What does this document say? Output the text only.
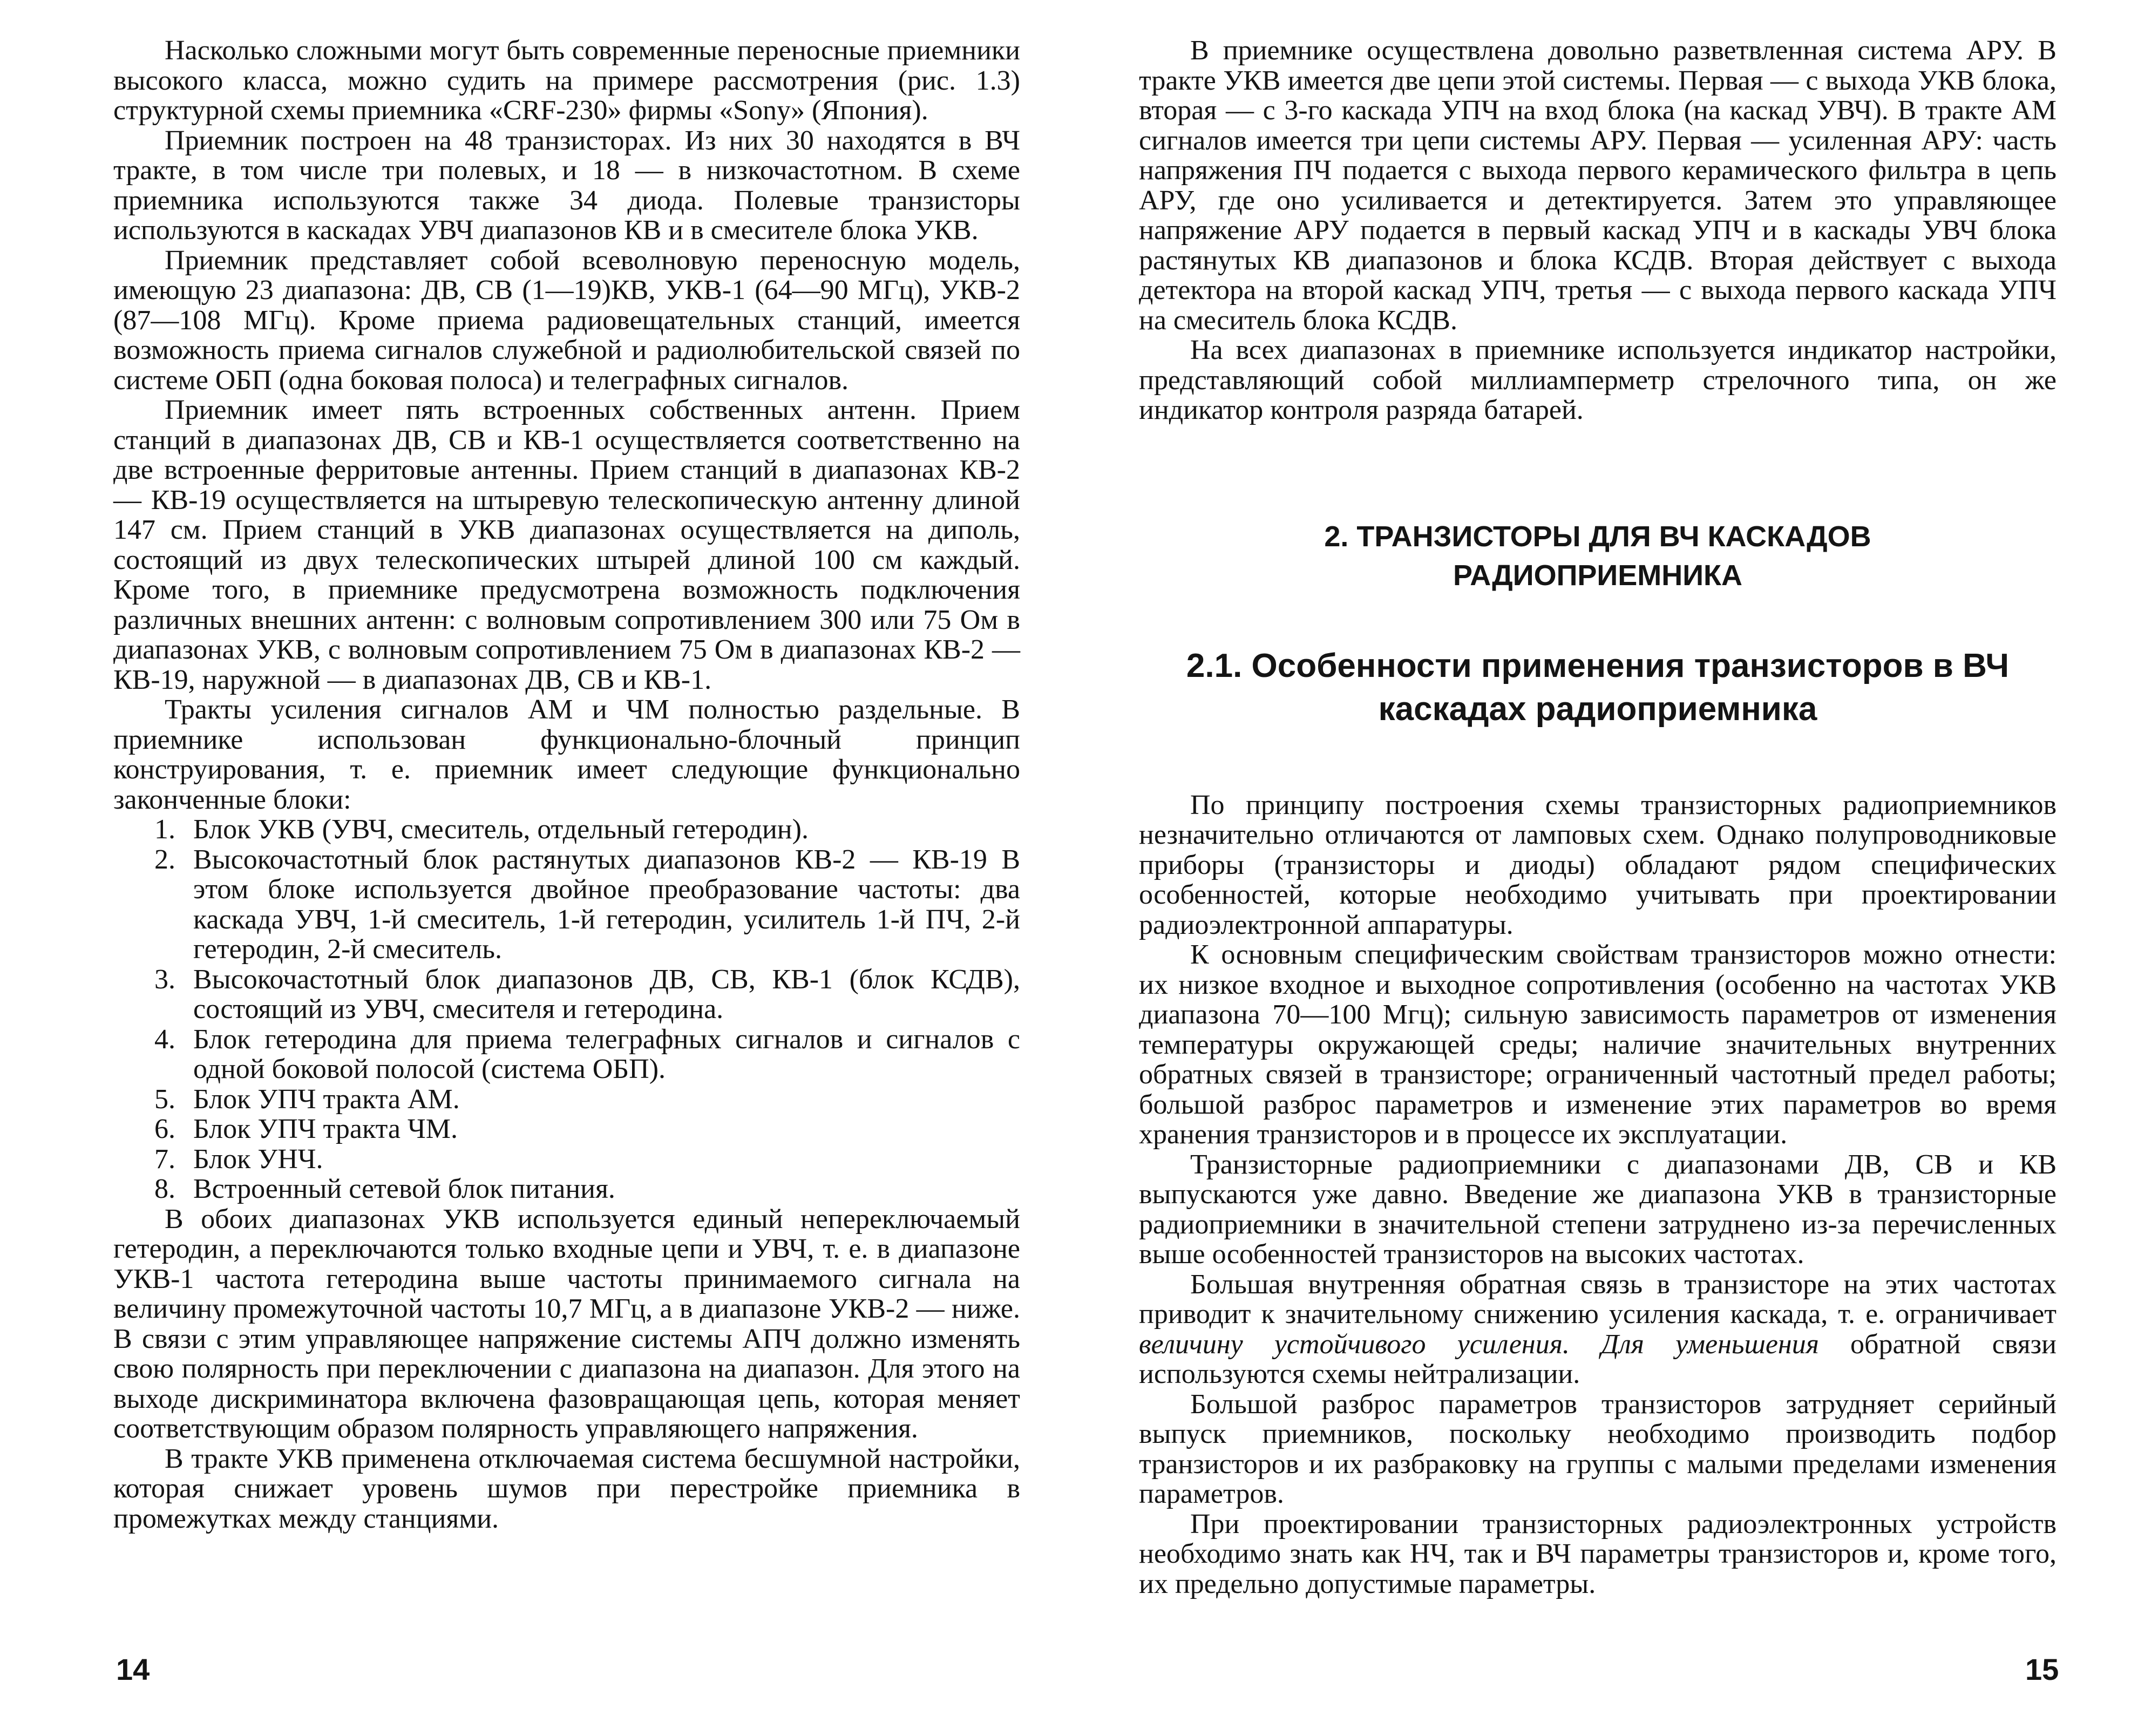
Насколько сложными могут быть современные переносные приемники высокого класса, можно судить на примере рассмотрения (рис. 1.3) структурной схемы приемника «CRF-230» фирмы «Sony» (Япония).

Приемник построен на 48 транзисторах. Из них 30 находятся в ВЧ тракте, в том числе три полевых, и 18 — в низкочастотном. В схеме приемника используются также 34 диода. Полевые транзисторы используются в каскадах УВЧ диапазонов КВ и в смесителе блока УКВ.

Приемник представляет собой всеволновую переносную модель, имеющую 23 диапазона: ДВ, СВ (1—19)КВ, УКВ-1 (64—90 МГц), УКВ-2 (87—108 МГц). Кроме приема радиовещательных станций, имеется возможность приема сигналов служебной и радиолюбительской связей по системе ОБП (одна боковая полоса) и телеграфных сигналов.

Приемник имеет пять встроенных собственных антенн. Прием станций в диапазонах ДВ, СВ и КВ-1 осуществляется соответственно на две встроенные ферритовые антенны. Прием станций в диапазонах КВ-2 — КВ-19 осуществляется на штыревую телескопическую антенну длиной 147 см. Прием станций в УКВ диапазонах осуществляется на диполь, состоящий из двух телескопических штырей длиной 100 см каждый. Кроме того, в приемнике предусмотрена возможность подключения различных внешних антенн: с волновым сопротивлением 300 или 75 Ом в диапазонах УКВ, с волновым сопротивлением 75 Ом в диапазонах КВ-2 — КВ-19, наружной — в диапазонах ДВ, СВ и КВ-1.

Тракты усиления сигналов АМ и ЧМ полностью раздельные. В приемнике использован функционально-блочный принцип конструирования, т. е. приемник имеет следующие функционально законченные блоки:

1. Блок УКВ (УВЧ, смеситель, отдельный гетеродин).
2. Высокочастотный блок растянутых диапазонов КВ-2 — КВ-19 В этом блоке используется двойное преобразование частоты: два каскада УВЧ, 1-й смеситель, 1-й гетеродин, усилитель 1-й ПЧ, 2-й гетеродин, 2-й смеситель.
3. Высокочастотный блок диапазонов ДВ, СВ, КВ-1 (блок КСДВ), состоящий из УВЧ, смесителя и гетеродина.
4. Блок гетеродина для приема телеграфных сигналов и сигналов с одной боковой полосой (система ОБП).
5. Блок УПЧ тракта АМ.
6. Блок УПЧ тракта ЧМ.
7. Блок УНЧ.
8. Встроенный сетевой блок питания.

В обоих диапазонах УКВ используется единый непереключаемый гетеродин, а переключаются только входные цепи и УВЧ, т. е. в диапазоне УКВ-1 частота гетеродина выше частоты принимаемого сигнала на величину промежуточной частоты 10,7 МГц, а в диапазоне УКВ-2 — ниже. В связи с этим управляющее напряжение системы АПЧ должно изменять свою полярность при переключении с диапазона на диапазон. Для этого на выходе дискриминатора включена фазовращающая цепь, которая меняет соответствующим образом полярность управляющего напряжения.

В тракте УКВ применена отключаемая система бесшумной настройки, которая снижает уровень шумов при перестройке приемника в промежутках между станциями.

14

В приемнике осуществлена довольно разветвленная система АРУ. В тракте УКВ имеется две цепи этой системы. Первая — с выхода УКВ блока, вторая — с 3-го каскада УПЧ на вход блока (на каскад УВЧ). В тракте АМ сигналов имеется три цепи системы АРУ. Первая — усиленная АРУ: часть напряжения ПЧ подается с выхода первого керамического фильтра в цепь АРУ, где оно усиливается и детектируется. Затем это управляющее напряжение АРУ подается в первый каскад УПЧ и в каскады УВЧ блока растянутых КВ диапазонов и блока КСДВ. Вторая действует с выхода детектора на второй каскад УПЧ, третья — с выхода первого каскада УПЧ на смеситель блока КСДВ.

На всех диапазонах в приемнике используется индикатор настройки, представляющий собой миллиамперметр стрелочного типа, он же индикатор контроля разряда батарей.

2. ТРАНЗИСТОРЫ ДЛЯ ВЧ КАСКАДОВ РАДИОПРИЕМНИКА
2.1. Особенности применения транзисторов в ВЧ каскадах радиоприемника

По принципу построения схемы транзисторных радиоприемников незначительно отличаются от ламповых схем. Однако полупроводниковые приборы (транзисторы и диоды) обладают рядом специфических особенностей, которые необходимо учитывать при проектировании радиоэлектронной аппаратуры.

К основным специфическим свойствам транзисторов можно отнести: их низкое входное и выходное сопротивления (особенно на частотах УКВ диапазона 70—100 Мгц); сильную зависимость параметров от изменения температуры окружающей среды; наличие значительных внутренних обратных связей в транзисторе; ограниченный частотный предел работы; большой разброс параметров и изменение этих параметров во время хранения транзисторов и в процессе их эксплуатации.

Транзисторные радиоприемники с диапазонами ДВ, СВ и КВ выпускаются уже давно. Введение же диапазона УКВ в транзисторные радиоприемники в значительной степени затруднено из-за перечисленных выше особенностей транзисторов на высоких частотах.

Большая внутренняя обратная связь в транзисторе на этих частотах приводит к значительному снижению усиления каскада, т. е. ограничивает величину устойчивого усиления. Для уменьшения обратной связи используются схемы нейтрализации.

Большой разброс параметров транзисторов затрудняет серийный выпуск приемников, поскольку необходимо производить подбор транзисторов и их разбраковку на группы с малыми пределами изменения параметров.

При проектировании транзисторных радиоэлектронных устройств необходимо знать как НЧ, так и ВЧ параметры транзисторов и, кроме того, их предельно допустимые параметры.

15
